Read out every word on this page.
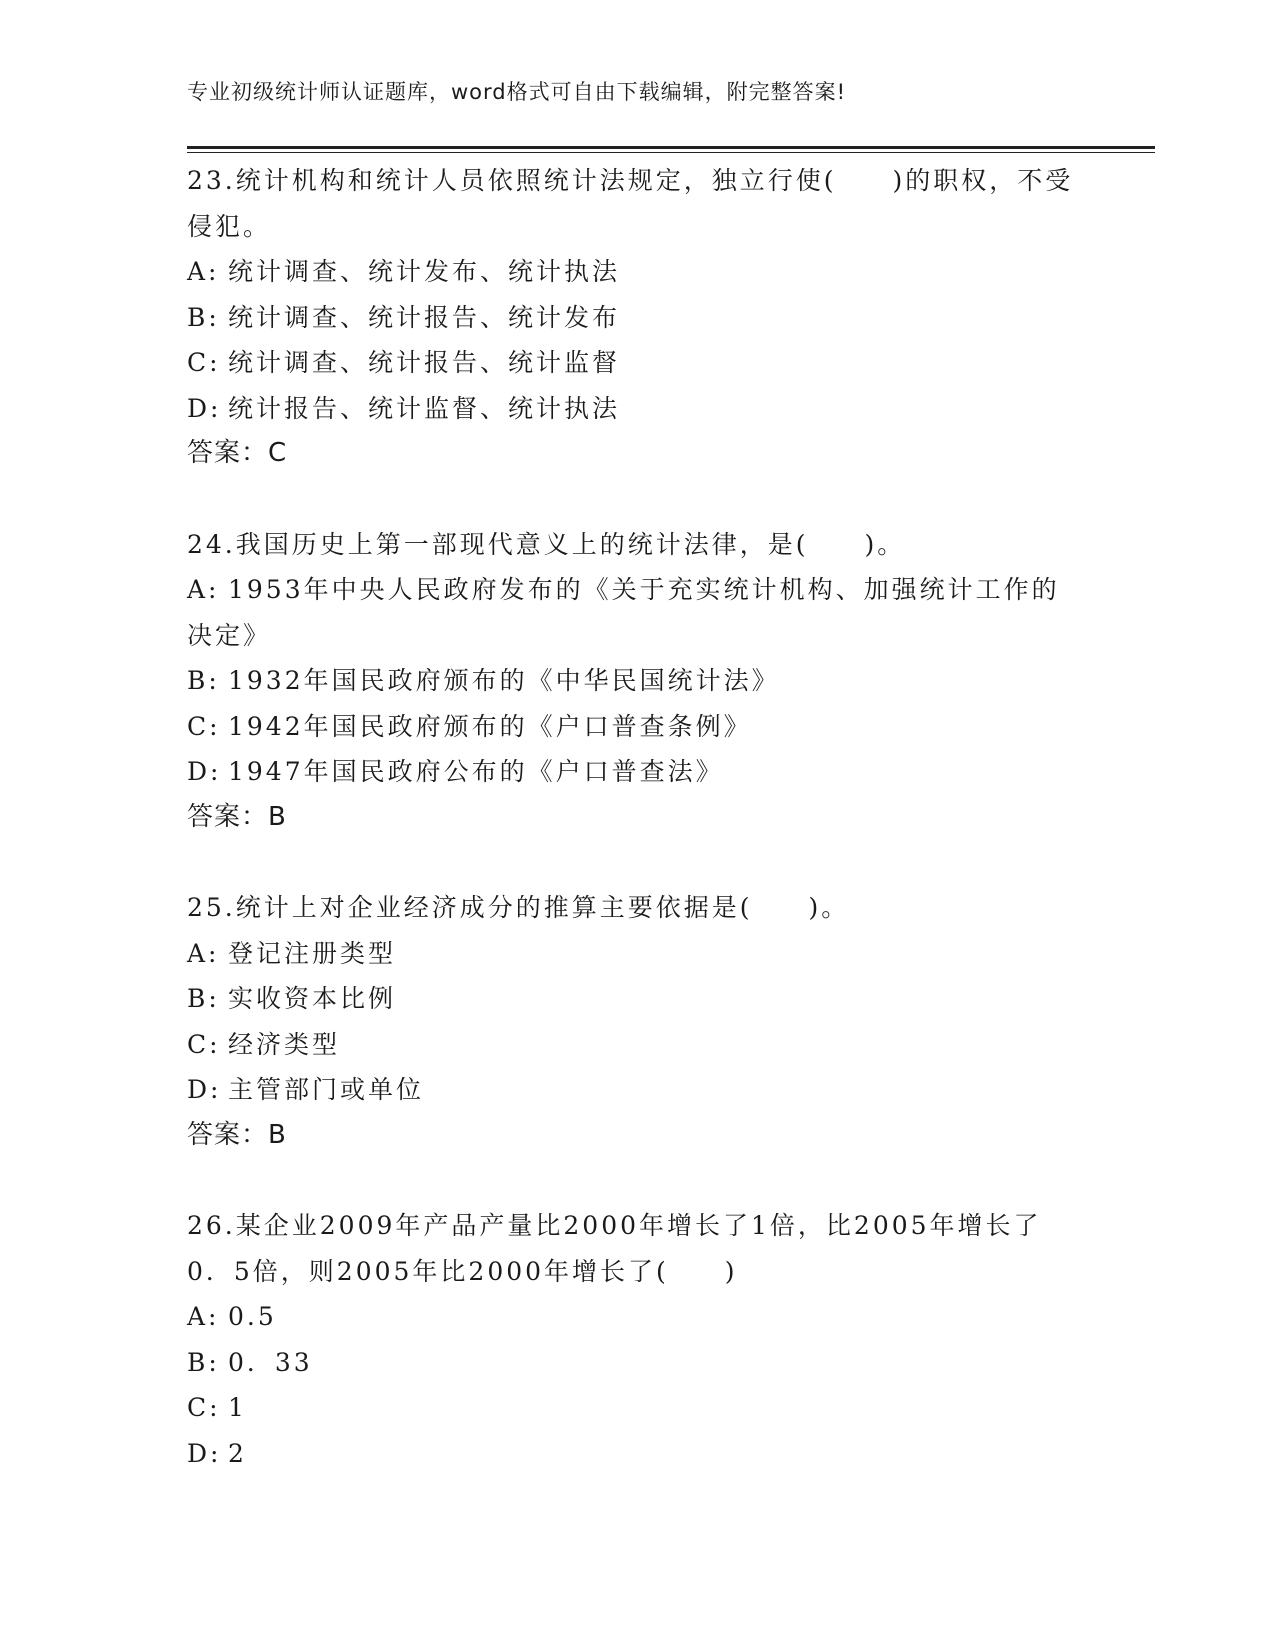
专业初级统计师认证题库，word格式可自由下载编辑，附完整答案!
23.统计机构和统计人员依照统计法规定，独立行使(　　)的职权，不受侵犯。
A: 统计调查、统计发布、统计执法
B: 统计调查、统计报告、统计发布
C: 统计调查、统计报告、统计监督
D: 统计报告、统计监督、统计执法
答案：C
24.我国历史上第一部现代意义上的统计法律，是(　　)。
A: 1953年中央人民政府发布的《关于充实统计机构、加强统计工作的决定》
B: 1932年国民政府颁布的《中华民国统计法》
C: 1942年国民政府颁布的《户口普查条例》
D: 1947年国民政府公布的《户口普查法》
答案：B
25.统计上对企业经济成分的推算主要依据是(　　)。
A: 登记注册类型
B: 实收资本比例
C: 经济类型
D: 主管部门或单位
答案：B
26.某企业2009年产品产量比2000年增长了1倍，比2005年增长了0．5倍，则2005年比2000年增长了(　　)
A: 0.5
B: 0．33
C: 1
D: 2
